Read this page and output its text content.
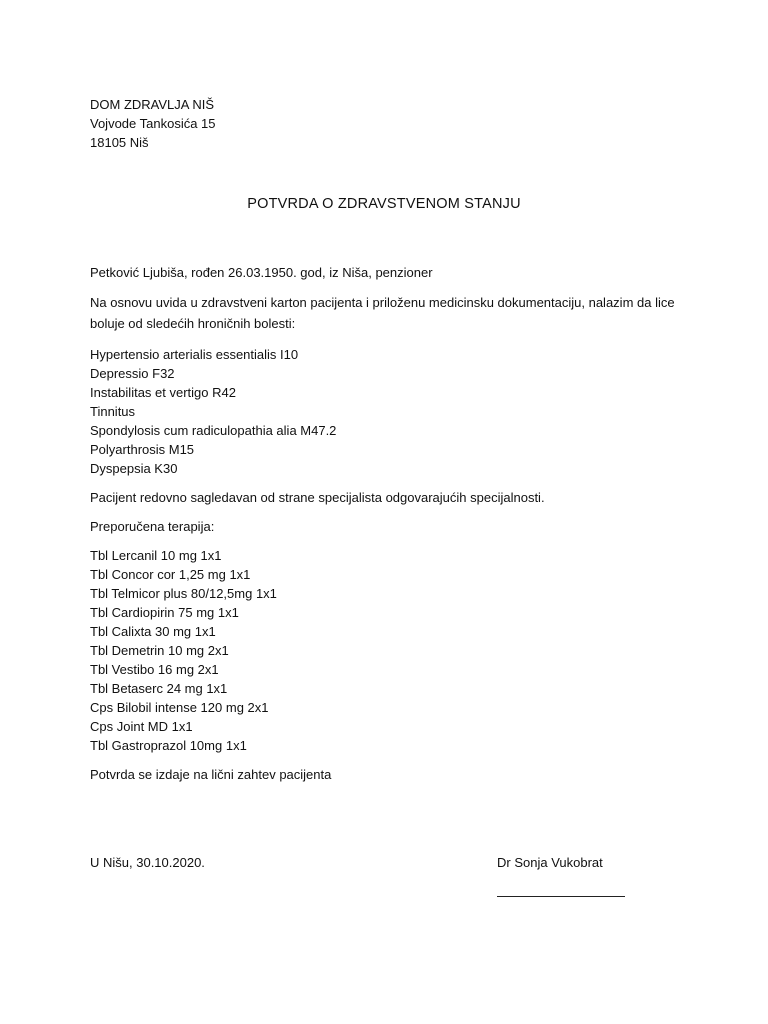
DOM ZDRAVLJA NIŠ
Vojvode Tankosića 15
18105 Niš
POTVRDA O ZDRAVSTVENOM STANJU
Petković Ljubiša, rođen 26.03.1950. god, iz Niša, penzioner
Na osnovu uvida u zdravstveni karton pacijenta i priloženu medicinsku dokumentaciju, nalazim da lice boluje od sledećih hroničnih bolesti:
Hypertensio arterialis essentialis I10
Depressio F32
Instabilitas et vertigo R42
Tinnitus
Spondylosis cum radiculopathia alia M47.2
Polyarthrosis M15
Dyspepsia K30
Pacijent redovno sagledavan od strane specijalista odgovarajućih specijalnosti.
Preporučena terapija:
Tbl Lercanil 10 mg 1x1
Tbl Concor cor 1,25 mg 1x1
Tbl Telmicor plus 80/12,5mg 1x1
Tbl Cardiopirin 75 mg 1x1
Tbl Calixta 30 mg 1x1
Tbl Demetrin 10 mg 2x1
Tbl Vestibo 16 mg 2x1
Tbl Betaserc 24 mg 1x1
Cps Bilobil intense 120 mg 2x1
Cps Joint MD 1x1
Tbl Gastroprazol 10mg 1x1
Potvrda se izdaje na lični zahtev pacijenta
U Nišu, 30.10.2020.	Dr Sonja Vukobrat
